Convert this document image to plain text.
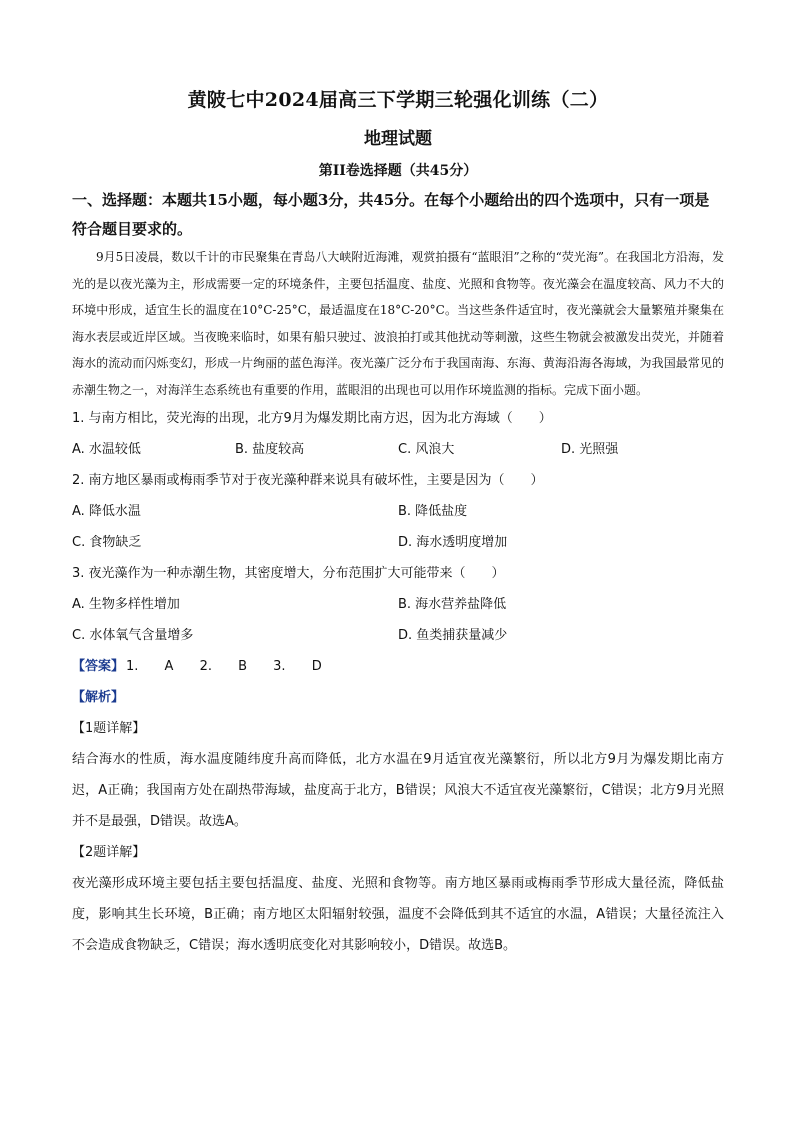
黄陂七中2024届高三下学期三轮强化训练（二）
地理试题
第II卷选择题（共45分）

一、选择题：本题共15小题，每小题3分，共45分。在每个小题给出的四个选项中，只有一项是符合题目要求的。

9月5日凌晨，数以千计的市民聚集在青岛八大峡附近海滩，观赏拍摄有“蓝眼泪”之称的“荧光海”。在我国北方沿海，发光的是以夜光藻为主，形成需要一定的环境条件，主要包括温度、盐度、光照和食物等。夜光藻会在温度较高、风力不大的环境中形成，适宜生长的温度在10°C-25°C，最适温度在18°C-20°C。当这些条件适宜时，夜光藻就会大量繁殖并聚集在海水表层或近岸区域。当夜晚来临时，如果有船只驶过、波浪拍打或其他扰动等刺激，这些生物就会被激发出荧光，并随着海水的流动而闪烁变幻，形成一片绚丽的蓝色海洋。夜光藻广泛分布于我国南海、东海、黄海沿海各海域，为我国最常见的赤潮生物之一，对海洋生态系统也有重要的作用，蓝眼泪的出现也可以用作环境监测的指标。完成下面小题。

1. 与南方相比，荧光海的出现，北方9月为爆发期比南方迟，因为北方海域（　　）

A. 水温较低	B. 盐度较高	C. 风浪大	D. 光照强

2. 南方地区暴雨或梅雨季节对于夜光藻种群来说具有破坏性，主要是因为（　　）

A. 降低水温	B. 降低盐度
C. 食物缺乏	D. 海水透明度增加

3. 夜光藻作为一种赤潮生物，其密度增大，分布范围扩大可能带来（　　）

A. 生物多样性增加	B. 海水营养盐降低
C. 水体氧气含量增多	D. 鱼类捕获量减少

【答案】 1. A 2. B 3. D

【解析】

【1题详解】

结合海水的性质，海水温度随纬度升高而降低，北方水温在9月适宜夜光藻繁衍，所以北方9月为爆发期比南方迟，A正确；我国南方处在副热带海域，盐度高于北方，B错误；风浪大不适宜夜光藻繁衍，C错误；北方9月光照并不是最强，D错误。故选A。

【2题详解】

夜光藻形成环境主要包括主要包括温度、盐度、光照和食物等。南方地区暴雨或梅雨季节形成大量径流，降低盐度，影响其生长环境，B正确；南方地区太阳辐射较强，温度不会降低到其不适宜的水温，A错误；大量径流注入不会造成食物缺乏，C错误；海水透明底变化对其影响较小，D错误。故选B。
